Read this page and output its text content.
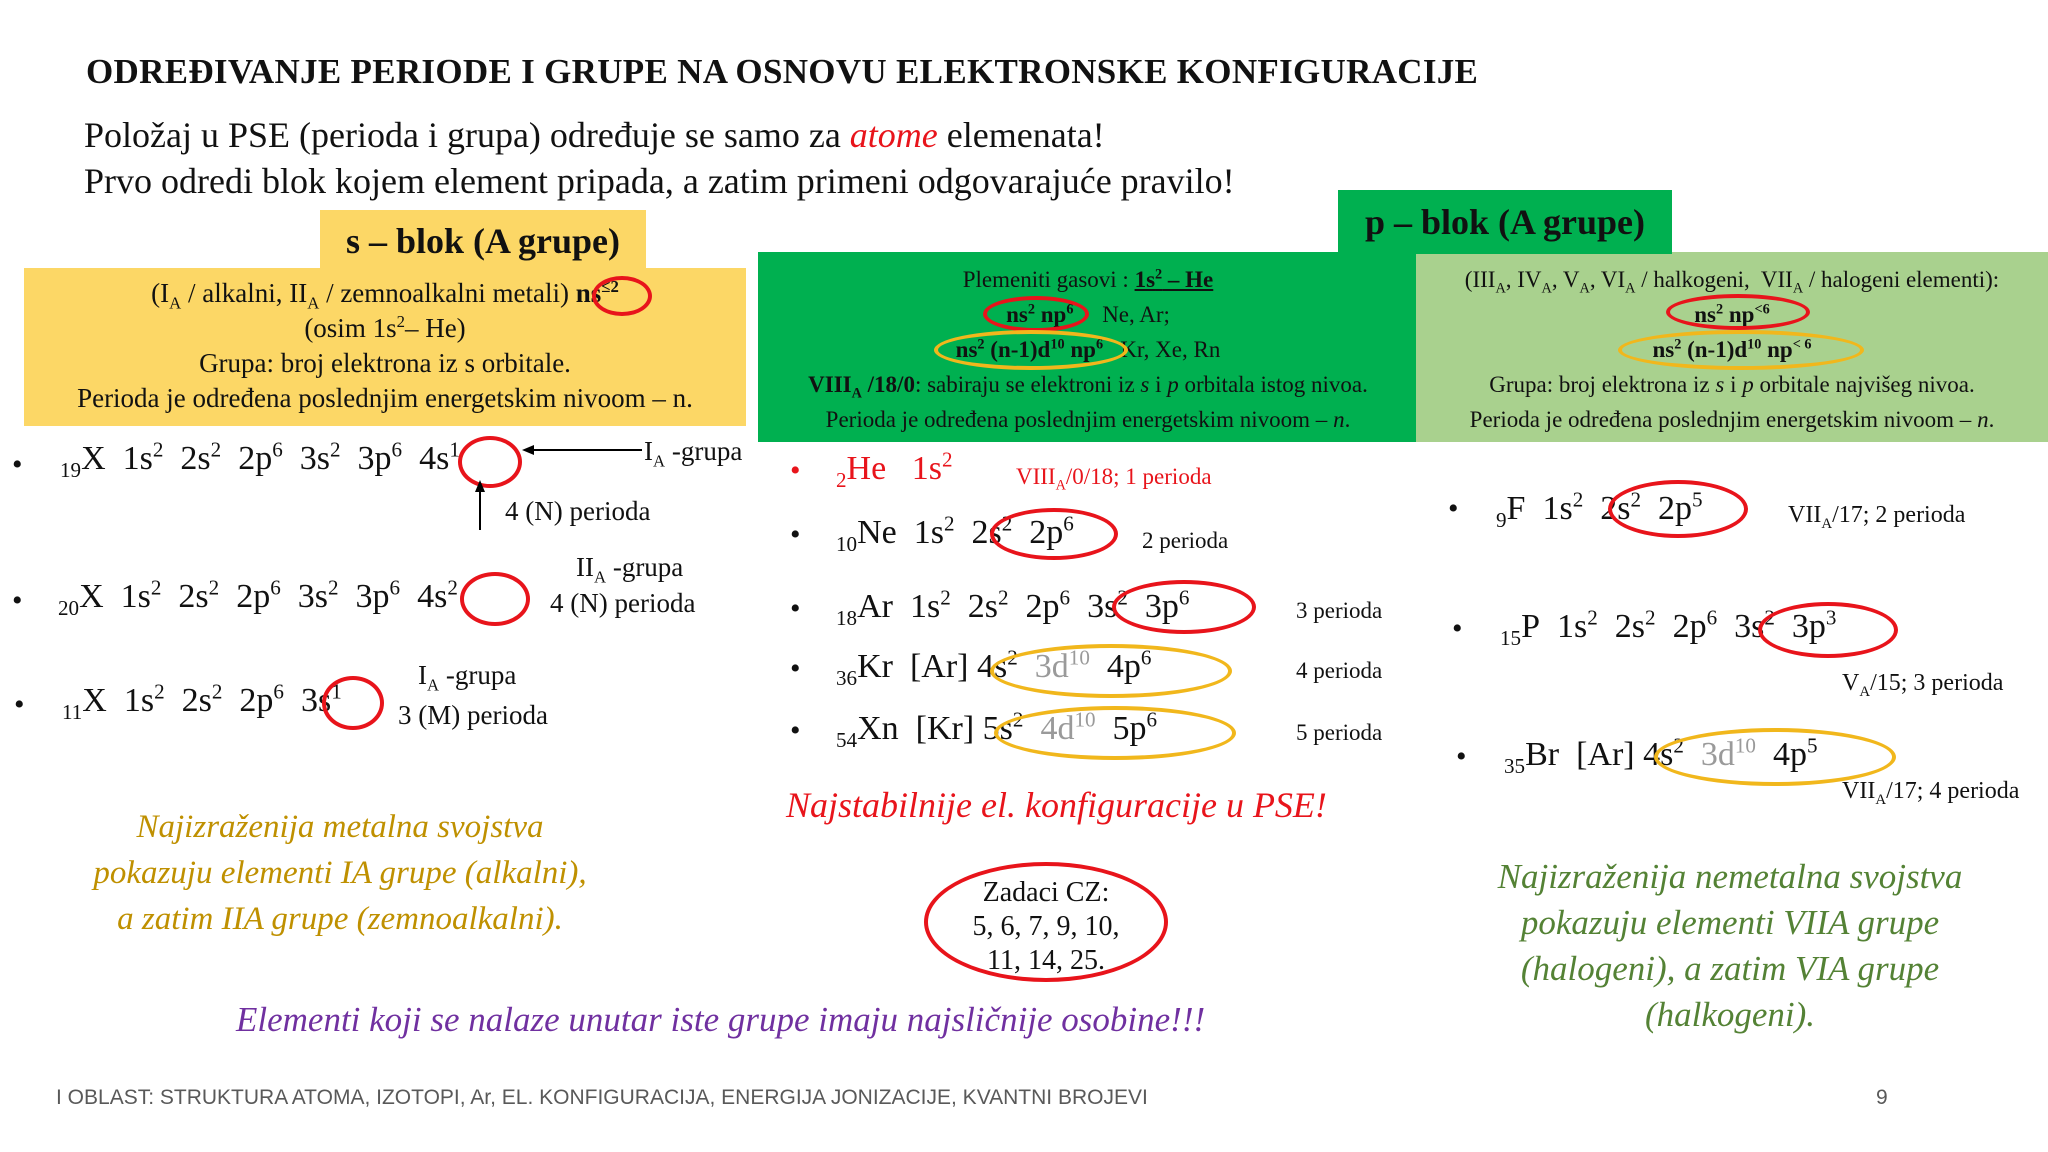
ODREĐIVANJE PERIODE I GRUPE NA OSNOVU ELEKTRONSKE KONFIGURACIJE
Položaj u PSE (perioda i grupa) određuje se samo za atome elemenata!
Prvo odredi blok kojem element pripada, a zatim primeni odgovarajuće pravilo!
($I_A$ / alkalni, $II_A$ / zemnoalkalni metali) $ns^{\le 2}$
(osim $1s^2-$ He)
Grupa: broj elektrona iz s orbitale.
Perioda je određena poslednjim energetskim nivoom – n.
s – blok (A grupe)
• $_{19}$X  $1s^2$  $2s^2$  $2p^6$  $3s^2$  $3p^6$  $4s^1$	$I_A$ -grupa
4 (N) perioda
• $_{20}$X  $1s^2$  $2s^2$  $2p^6$  $3s^2$  $3p^6$  $4s^2$
$II_A$ -grupa
4 (N) perioda
• $_{11}$X  $1s^2$  $2s^2$  $2p^6$  $3s^1$
$I_A$ -grupa
3 (M) perioda
Najizraženija metalna svojstva
pokazuju elementi IA grupe (alkalni),
a zatim IIA grupe (zemnoalkalni).
Plemeniti gasovi : $1s^2$ – He
$ns^2$ $np^6$ Ne, Ar;
$ns^2$ $(n-1)d^{10}$ $np^6$ Kr, Xe, Rn
$VIII_A$ /18/0: sabiraju se elektroni iz s i p orbitala istog nivoa.
Perioda je određena poslednjim energetskim nivoom – n.
• $_2$He   $1s^2$
$VIII_A/0/18$; 1 perioda
• $_{10}$Ne  $1s^2$  $2s^2$  $2p^6$
2 perioda
• $_{18}$Ar  $1s^2$  $2s^2$  $2p^6$  $3s^2$  $3p^6$
3 perioda
• $_{36}$Kr [Ar] $4s^2$ $3d^{10}$  $4p^6$
4 perioda
• $_{54}$Xn [Kr] $5s^2$ $4d^{10}$  $5p^6$
5 perioda
Najstabilnije el. konfiguracije u PSE!
Zadaci CZ:
5, 6, 7, 9, 10,
11, 14, 25.
($III_A$, $IV_A$, $V_A$, $VI_A$ / halkogeni,  $VII_A$ / halogeni elementi):
$ns^2$ $np^{<6}$
$ns^2$ $(n-1)d^{10}$ $np^{< 6}$
Grupa: broj elektrona iz s i p orbitale najvišeg nivoa.
Perioda je određena poslednjim energetskim nivoom – n.
p – blok (A grupe)
• $_9$F  $1s^2$  $2s^2$  $2p^5$
$VII_A/17$; 2 perioda
• $_{15}$P  $1s^2$  $2s^2$  $2p^6$  $3s^2$  $3p^3$
$V_A/15$; 3 perioda
• $_{35}$Br [Ar] $4s^2$ $3d^{10}$  $4p^5$
$VII_A/17$; 4 perioda
Najizraženija nemetalna svojstva
pokazuju elementi VIIA grupe
(halogeni), a zatim VIA grupe
(halkogeni).
Elementi koji se nalaze unutar iste grupe imaju najsličnije osobine!!!
I OBLAST: STRUKTURA ATOMA, IZOTOPI, Ar, EL. KONFIGURACIJA, ENERGIJA JONIZACIJE, KVANTNI BROJEVI	9
